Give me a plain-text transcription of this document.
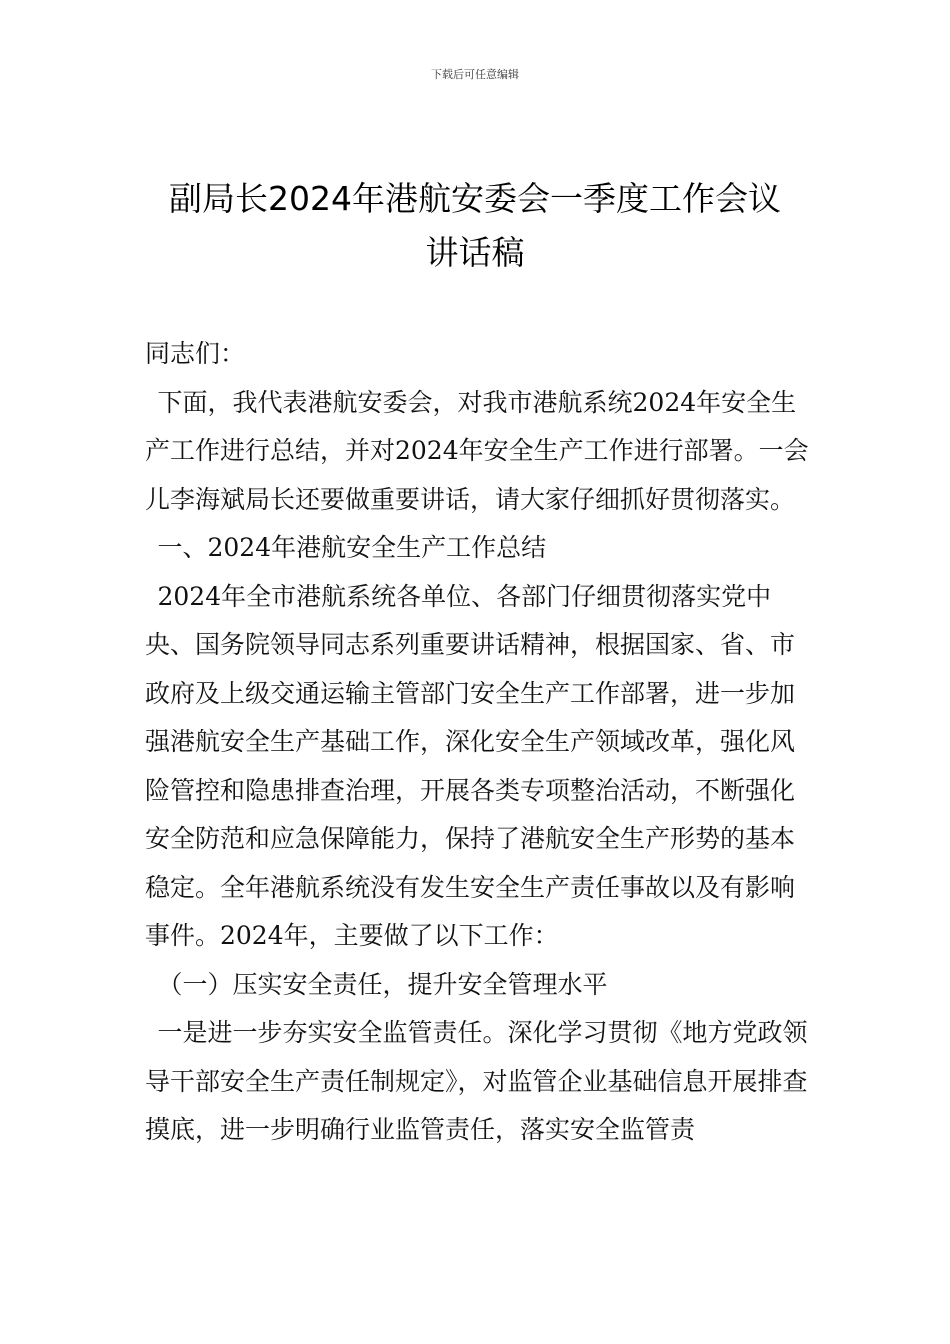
下载后可任意编辑
副局长2024年港航安委会一季度工作会议
讲话稿

同志们：

下面，我代表港航安委会，对我市港航系统2024年安全生产工作进行总结，并对2024年安全生产工作进行部署。一会儿李海斌局长还要做重要讲话，请大家仔细抓好贯彻落实。

一、2024年港航安全生产工作总结

2024年全市港航系统各单位、各部门仔细贯彻落实党中央、国务院领导同志系列重要讲话精神，根据国家、省、市政府及上级交通运输主管部门安全生产工作部署，进一步加强港航安全生产基础工作，深化安全生产领域改革，强化风险管控和隐患排查治理，开展各类专项整治活动，不断强化安全防范和应急保障能力，保持了港航安全生产形势的基本稳定。全年港航系统没有发生安全生产责任事故以及有影响事件。2024年，主要做了以下工作：

（一）压实安全责任，提升安全管理水平

一是进一步夯实安全监管责任。深化学习贯彻《地方党政领导干部安全生产责任制规定》，对监管企业基础信息开展排查摸底，进一步明确行业监管责任，落实安全监管责
